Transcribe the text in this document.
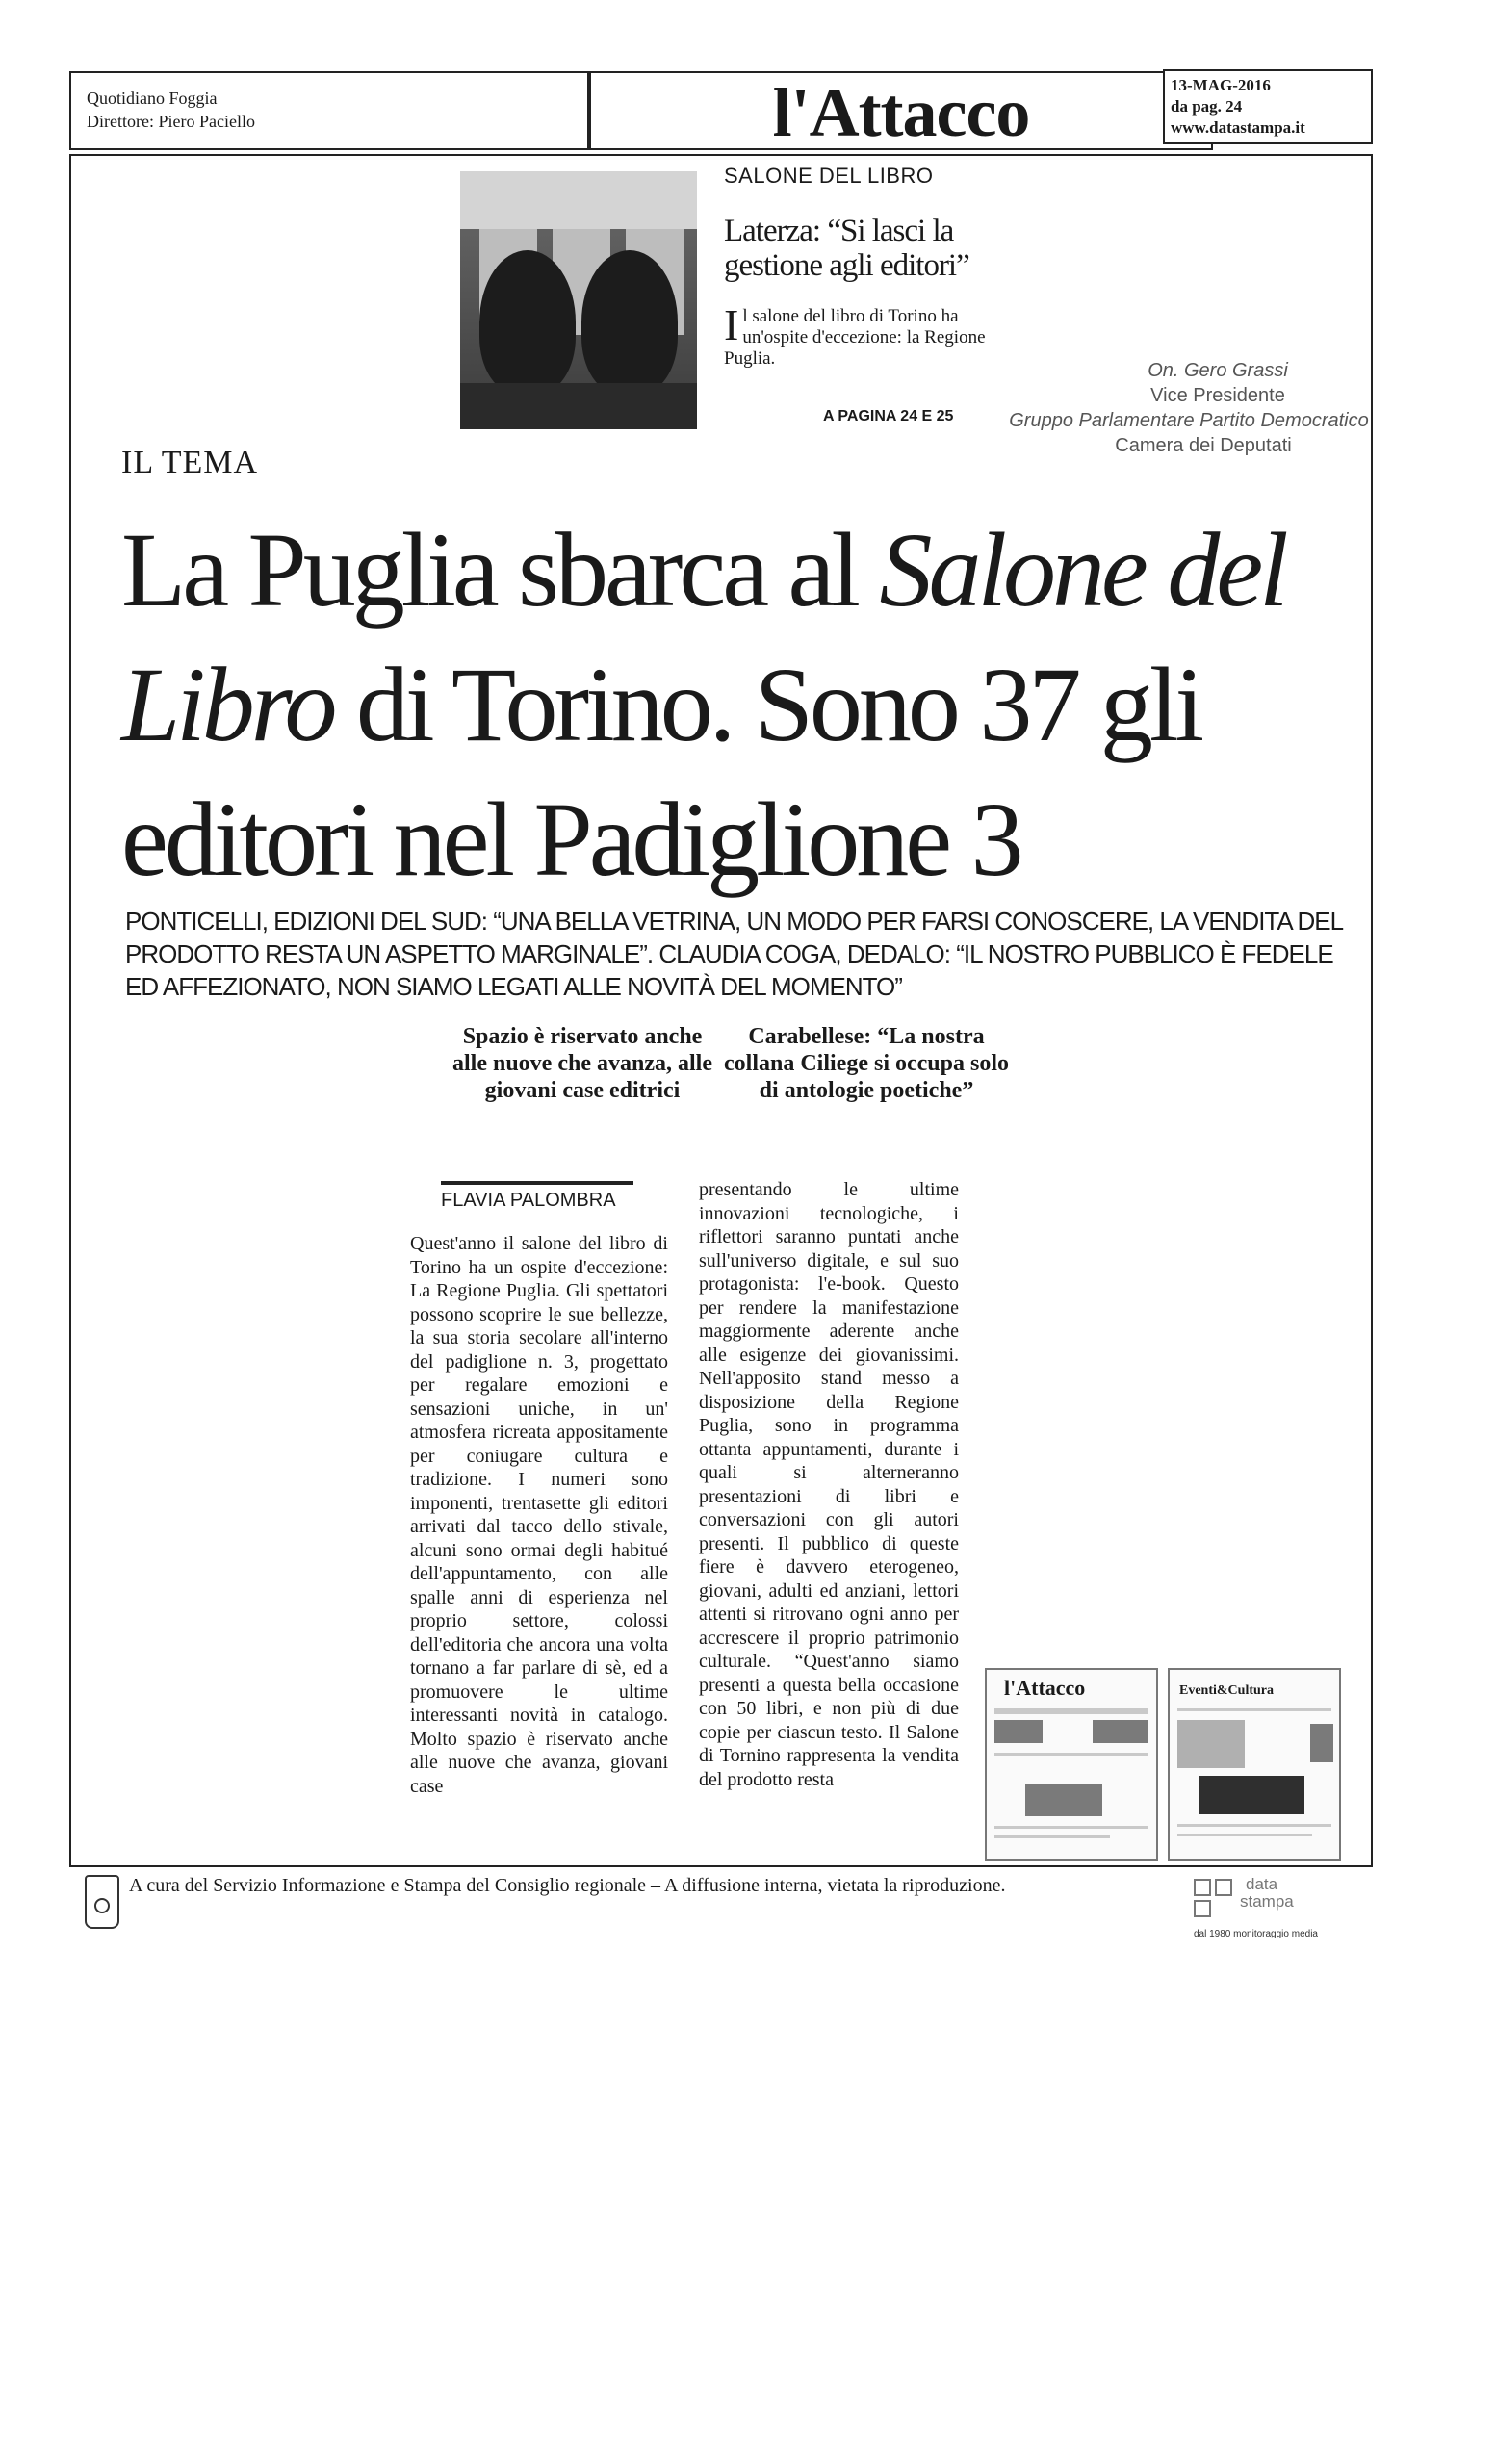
Quotidiano Foggia
Direttore: Piero Paciello	l'Attacco	13-MAG-2016
da pag. 24
www.datastampa.it
SALONE DEL LIBRO
Laterza: “Si lasci la gestione agli editori”
Il salone del libro di Torino ha un'ospite d'eccezione: la Regione Puglia.
A PAGINA 24 E 25
On. Gero Grassi
Vice Presidente
Gruppo Parlamentare Partito Democratico
Camera dei Deputati
IL TEMA
La Puglia sbarca al Salone del Libro di Torino. Sono 37 gli editori nel Padiglione 3
PONTICELLI, EDIZIONI DEL SUD: “UNA BELLA VETRINA, UN MODO PER FARSI CONOSCERE, LA VENDITA DEL PRODOTTO RESTA UN ASPETTO MARGINALE”. CLAUDIA COGA, DEDALO: “IL NOSTRO PUBBLICO È FEDELE ED AFFEZIONATO, NON SIAMO LEGATI ALLE NOVITÀ DEL MOMENTO”
Spazio è riservato anche alle nuove che avanza, alle giovani case editrici
Carabellese: “La nostra collana Ciliege si occupa solo di antologie poetiche”
FLAVIA PALOMBRA
Quest'anno il salone del libro di Torino ha un ospite d'eccezione: La Regione Puglia. Gli spettatori possono scoprire le sue bellezze, la sua storia secolare all'interno del padiglione n. 3, progettato per regalare emozioni e sensazioni uniche, in un' atmosfera ricreata appositamente per coniugare cultura e tradizione. I numeri sono imponenti, trentasette gli editori arrivati dal tacco dello stivale, alcuni sono ormai degli habitué dell'appuntamento, con alle spalle anni di esperienza nel proprio settore, colossi dell'editoria che ancora una volta tornano a far parlare di sè, ed a promuovere le ultime interessanti novità in catalogo. Molto spazio è riservato anche alle nuove che avanza, giovani case
presentando le ultime innovazioni tecnologiche, i riflettori saranno puntati anche sull'universo digitale, e sul suo protagonista: l'e-book. Questo per rendere la manifestazione maggiormente aderente anche alle esigenze dei giovanissimi. Nell'apposito stand messo a disposizione della Regione Puglia, sono in programma ottanta appuntamenti, durante i quali si alterneranno presentazioni di libri e conversazioni con gli autori presenti. Il pubblico di queste fiere è davvero eterogeneo, giovani, adulti ed anziani, lettori attenti si ritrovano ogni anno per accrescere il proprio patrimonio culturale. “Quest'anno siamo presenti a questa bella occasione con 50 libri, e non più di due copie per ciascun testo. Il Salone di Tornino rappresenta la vendita del prodotto resta
l'Attacco	Eventi&Cultura
A cura del Servizio Informazione e Stampa del Consiglio regionale – A diffusione interna, vietata la riproduzione.	data
stampa
dal 1980 monitoraggio media
